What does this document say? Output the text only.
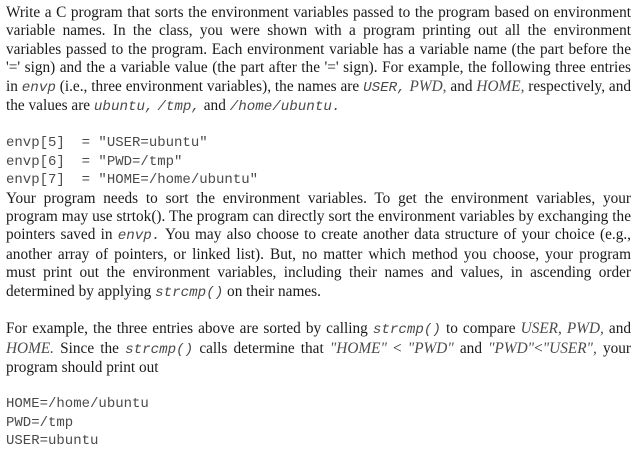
Write a C program that sorts the environment variables passed to the program based on environment variable names. In the class, you were shown with a program printing out all the environment variables passed to the program. Each environment variable has a variable name (the part before the '=' sign) and the a variable value (the part after the '=' sign). For example, the following three entries in envp (i.e., three environment variables), the names are USER, PWD, and HOME, respectively, and the values are ubuntu, /tmp, and /home/ubuntu.

envp[5]  = "USER=ubuntu"
envp[6]  = "PWD=/tmp"
envp[7]  = "HOME=/home/ubuntu"

Your program needs to sort the environment variables. To get the environment variables, your program may use strtok(). The program can directly sort the environment variables by exchanging the pointers saved in envp. You may also choose to create another data structure of your choice (e.g., another array of pointers, or linked list). But, no matter which method you choose, your program must print out the environment variables, including their names and values, in ascending order determined by applying strcmp() on their names.

For example, the three entries above are sorted by calling strcmp() to compare USER, PWD, and HOME. Since the strcmp() calls determine that "HOME" < "PWD" and "PWD"<"USER", your program should print out

HOME=/home/ubuntu
PWD=/tmp
USER=ubuntu
